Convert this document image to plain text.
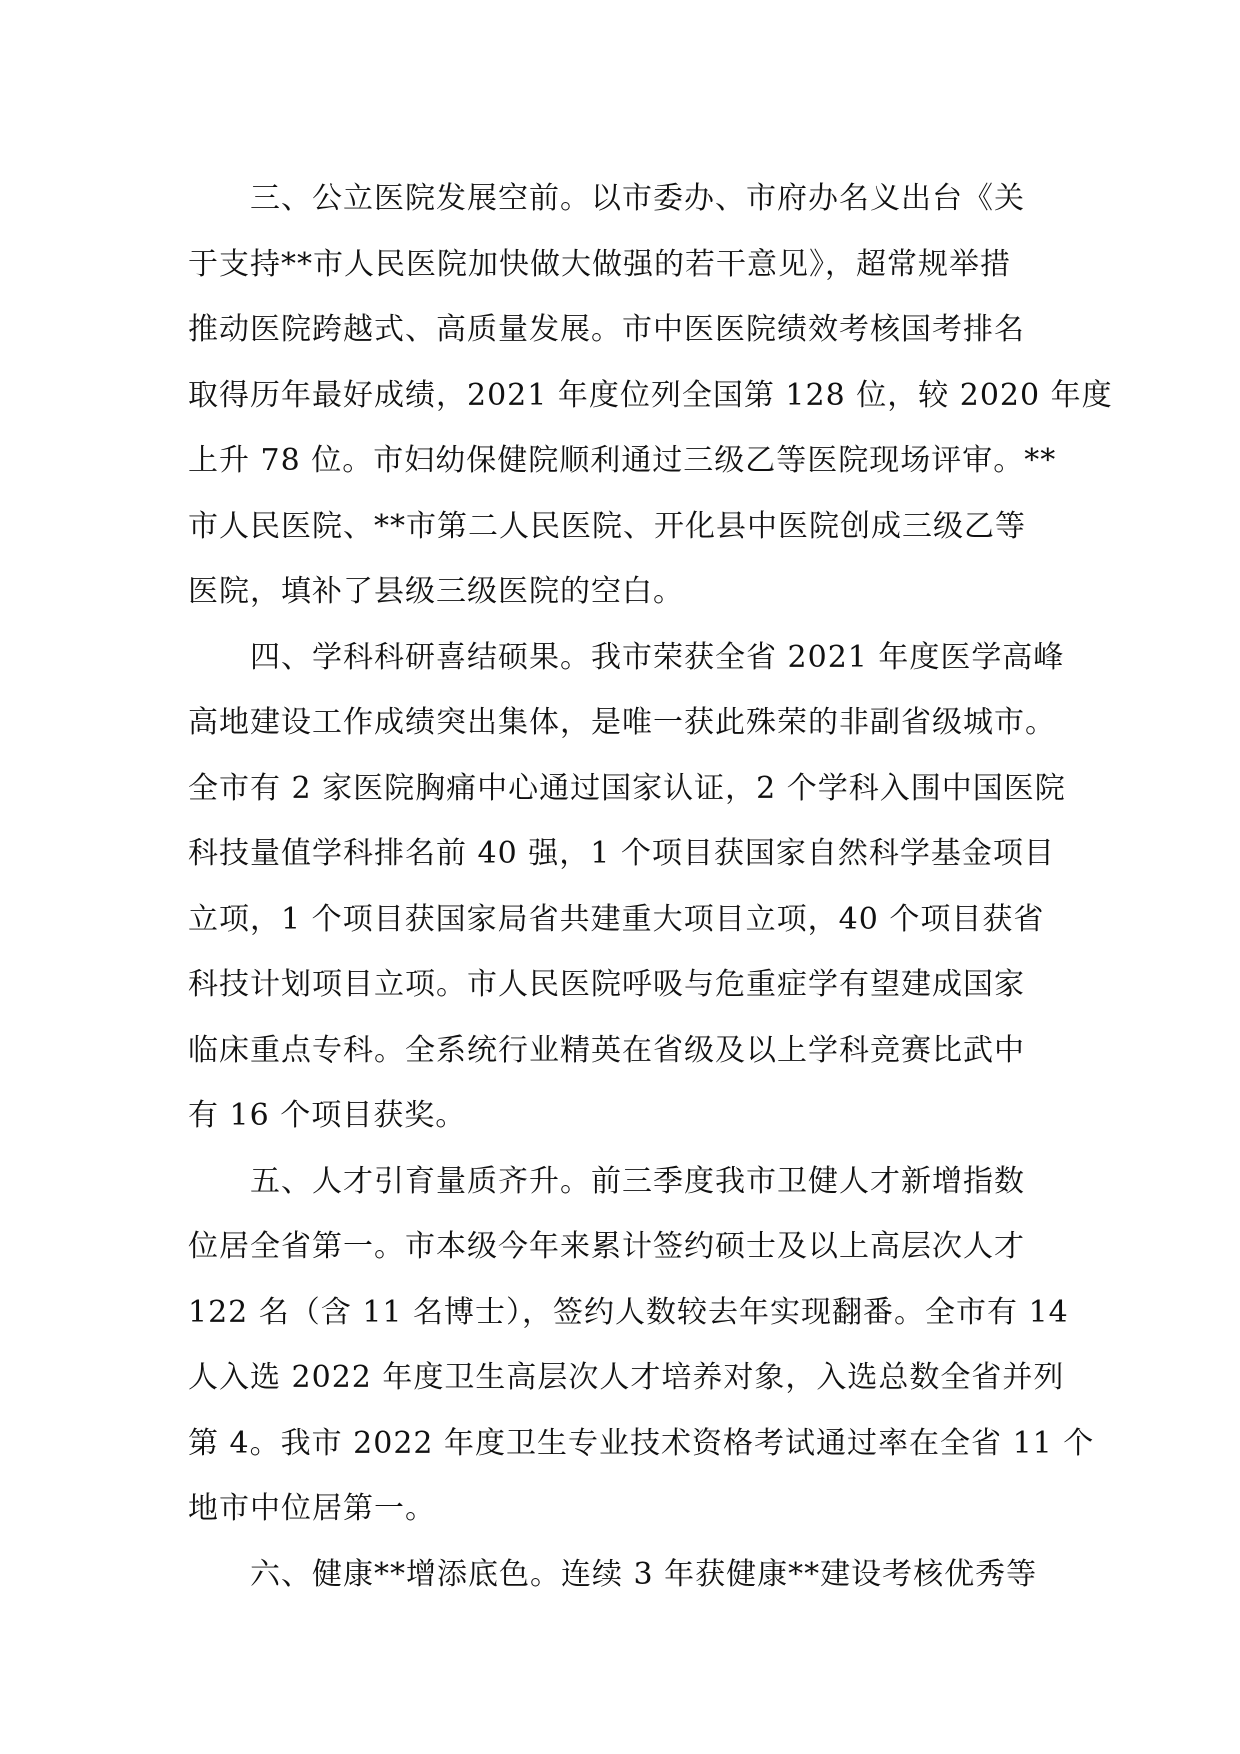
三、公立医院发展空前。以市委办、市府办名义出台《关
于支持**市人民医院加快做大做强的若干意见》，超常规举措
推动医院跨越式、高质量发展。市中医医院绩效考核国考排名
取得历年最好成绩，2021 年度位列全国第 128 位，较 2020 年度
上升 78 位。市妇幼保健院顺利通过三级乙等医院现场评审。**
市人民医院、**市第二人民医院、开化县中医院创成三级乙等
医院，填补了县级三级医院的空白。

四、学科科研喜结硕果。我市荣获全省 2021 年度医学高峰
高地建设工作成绩突出集体，是唯一获此殊荣的非副省级城市。
全市有 2 家医院胸痛中心通过国家认证，2 个学科入围中国医院
科技量值学科排名前 40 强，1 个项目获国家自然科学基金项目
立项，1 个项目获国家局省共建重大项目立项，40 个项目获省
科技计划项目立项。市人民医院呼吸与危重症学有望建成国家
临床重点专科。全系统行业精英在省级及以上学科竞赛比武中
有 16 个项目获奖。

五、人才引育量质齐升。前三季度我市卫健人才新增指数
位居全省第一。市本级今年来累计签约硕士及以上高层次人才
122 名（含 11 名博士），签约人数较去年实现翻番。全市有 14
人入选 2022 年度卫生高层次人才培养对象，入选总数全省并列
第 4。我市 2022 年度卫生专业技术资格考试通过率在全省 11 个
地市中位居第一。

六、健康**增添底色。连续 3 年获健康**建设考核优秀等
